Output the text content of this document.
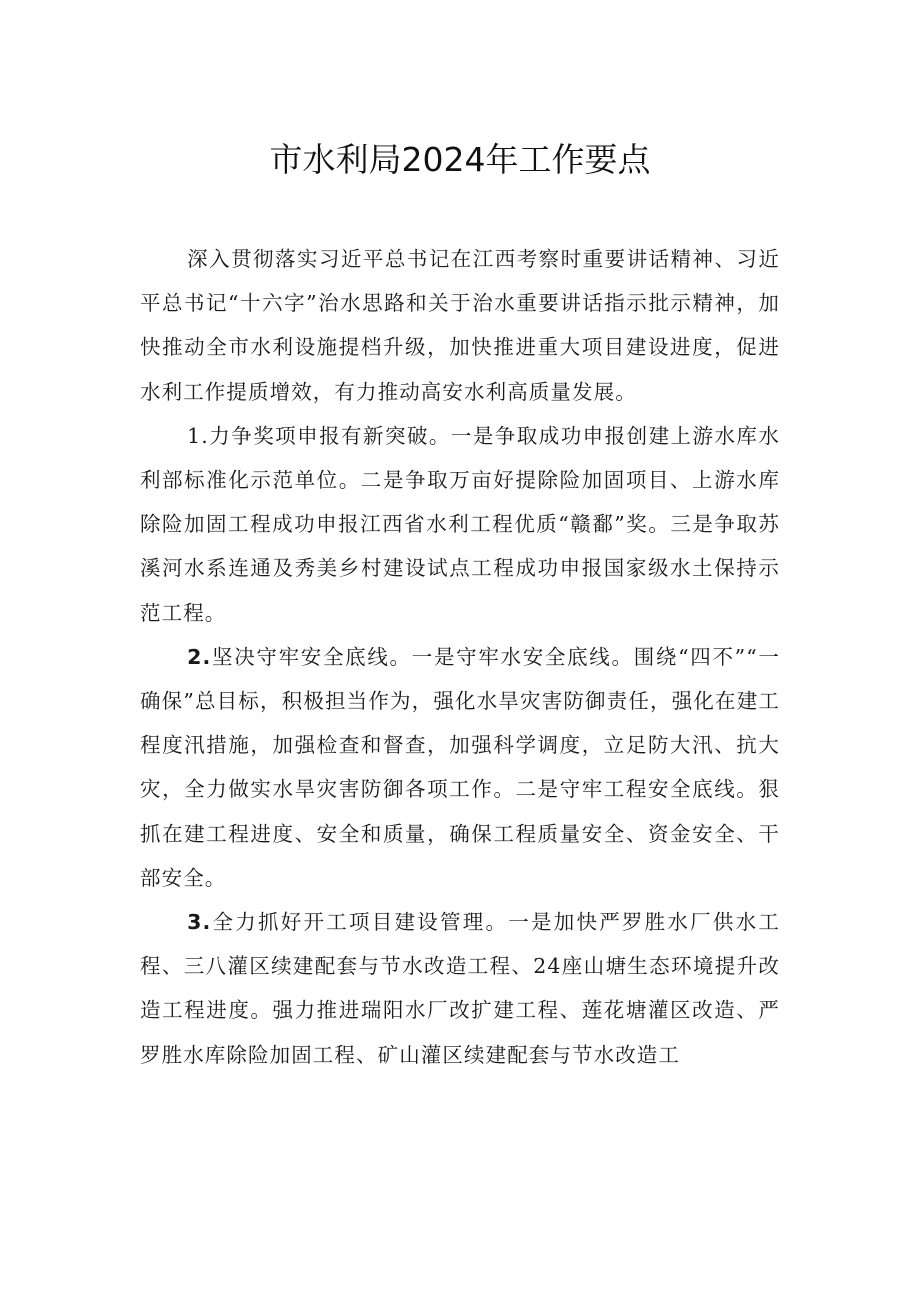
市水利局2024年工作要点

深入贯彻落实习近平总书记在江西考察时重要讲话精神、习近平总书记“十六字”治水思路和关于治水重要讲话指示批示精神，加快推动全市水利设施提档升级，加快推进重大项目建设进度，促进水利工作提质增效，有力推动高安水利高质量发展。

1.力争奖项申报有新突破。一是争取成功申报创建上游水库水利部标准化示范单位。二是争取万亩好提除险加固项目、上游水库除险加固工程成功申报江西省水利工程优质“赣鄱”奖。三是争取苏溪河水系连通及秀美乡村建设试点工程成功申报国家级水土保持示范工程。

2.坚决守牢安全底线。一是守牢水安全底线。围绕“四不”“一确保”总目标，积极担当作为，强化水旱灾害防御责任，强化在建工程度汛措施，加强检查和督查，加强科学调度，立足防大汛、抗大灾，全力做实水旱灾害防御各项工作。二是守牢工程安全底线。狠抓在建工程进度、安全和质量，确保工程质量安全、资金安全、干部安全。

3.全力抓好开工项目建设管理。一是加快严罗胜水厂供水工程、三八灌区续建配套与节水改造工程、24座山塘生态环境提升改造工程进度。强力推进瑞阳水厂改扩建工程、莲花塘灌区改造、严罗胜水库除险加固工程、矿山灌区续建配套与节水改造工
